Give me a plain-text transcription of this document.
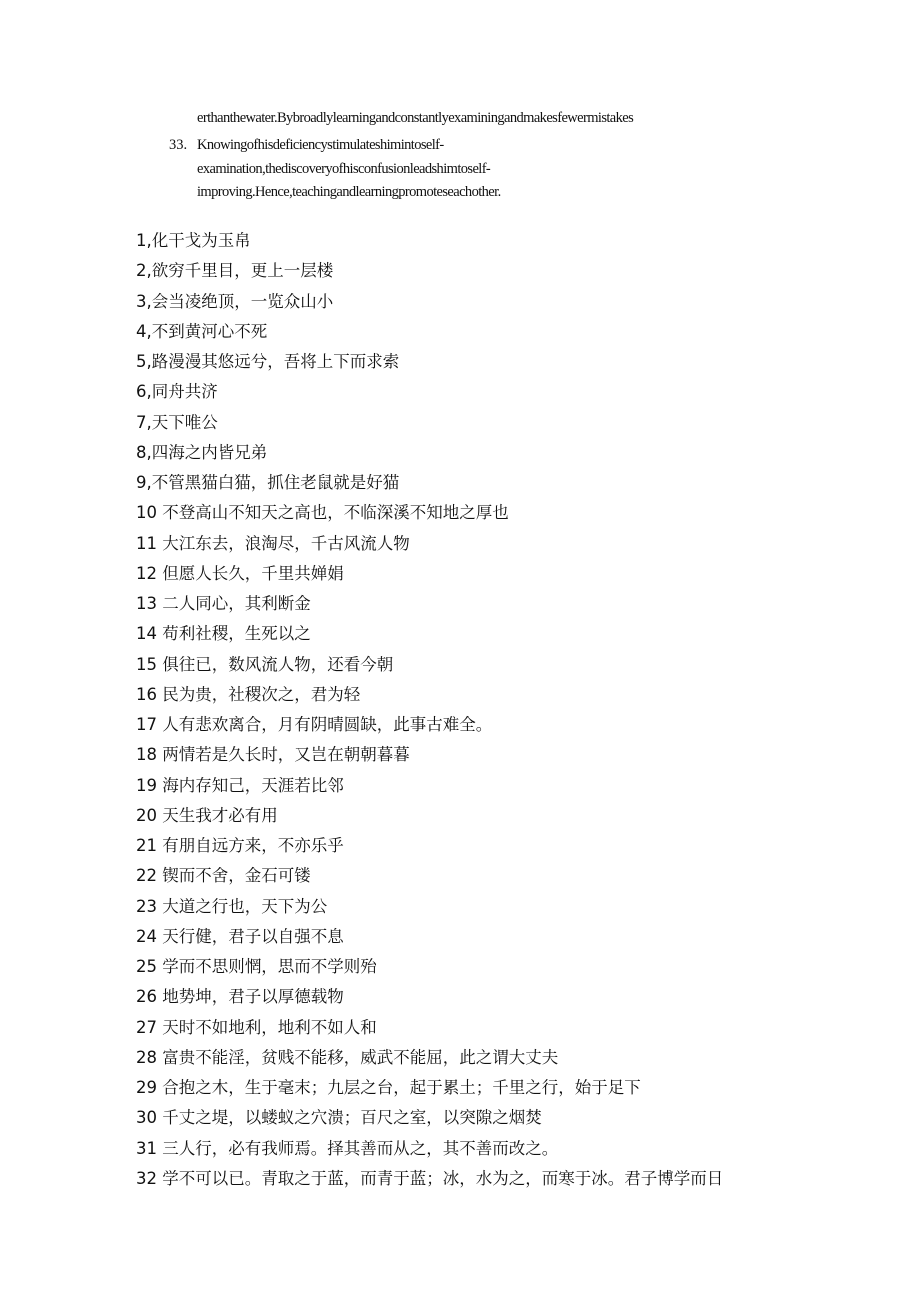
erthanthewater.Bybroadlylearningandconstantlyexaminingandmakesfewermistakes
33. Knowingofhisdeficiencystimulateshimintoself-
examination,thediscoveryofhisconfusionleadshimtoself-
improving.Hence,teachingandlearningpromoteseachother.
1,化干戈为玉帛
2,欲穷千里目，更上一层楼
3,会当凌绝顶，一览众山小
4,不到黄河心不死
5,路漫漫其悠远兮，吾将上下而求索
6,同舟共济
7,天下唯公
8,四海之内皆兄弟
9,不管黑猫白猫，抓住老鼠就是好猫
10 不登高山不知天之高也，不临深溪不知地之厚也
11 大江东去，浪淘尽，千古风流人物
12 但愿人长久，千里共婵娟
13 二人同心，其利断金
14 苟利社稷，生死以之
15 俱往已，数风流人物，还看今朝
16 民为贵，社稷次之，君为轻
17 人有悲欢离合，月有阴晴圆缺，此事古难全。
18 两情若是久长时，又岂在朝朝暮暮
19 海内存知己，天涯若比邻
20 天生我才必有用
21 有朋自远方来，不亦乐乎
22 锲而不舍，金石可镂
23 大道之行也，天下为公
24 天行健，君子以自强不息
25 学而不思则惘，思而不学则殆
26 地势坤，君子以厚德载物
27 天时不如地利，地利不如人和
28 富贵不能淫，贫贱不能移，威武不能屈，此之谓大丈夫
29 合抱之木，生于毫末；九层之台，起于累土；千里之行，始于足下
30 千丈之堤，以蝼蚁之穴溃；百尺之室，以突隙之烟焚
31 三人行，必有我师焉。择其善而从之，其不善而改之。
32 学不可以已。青取之于蓝，而青于蓝；冰，水为之，而寒于冰。君子博学而日
